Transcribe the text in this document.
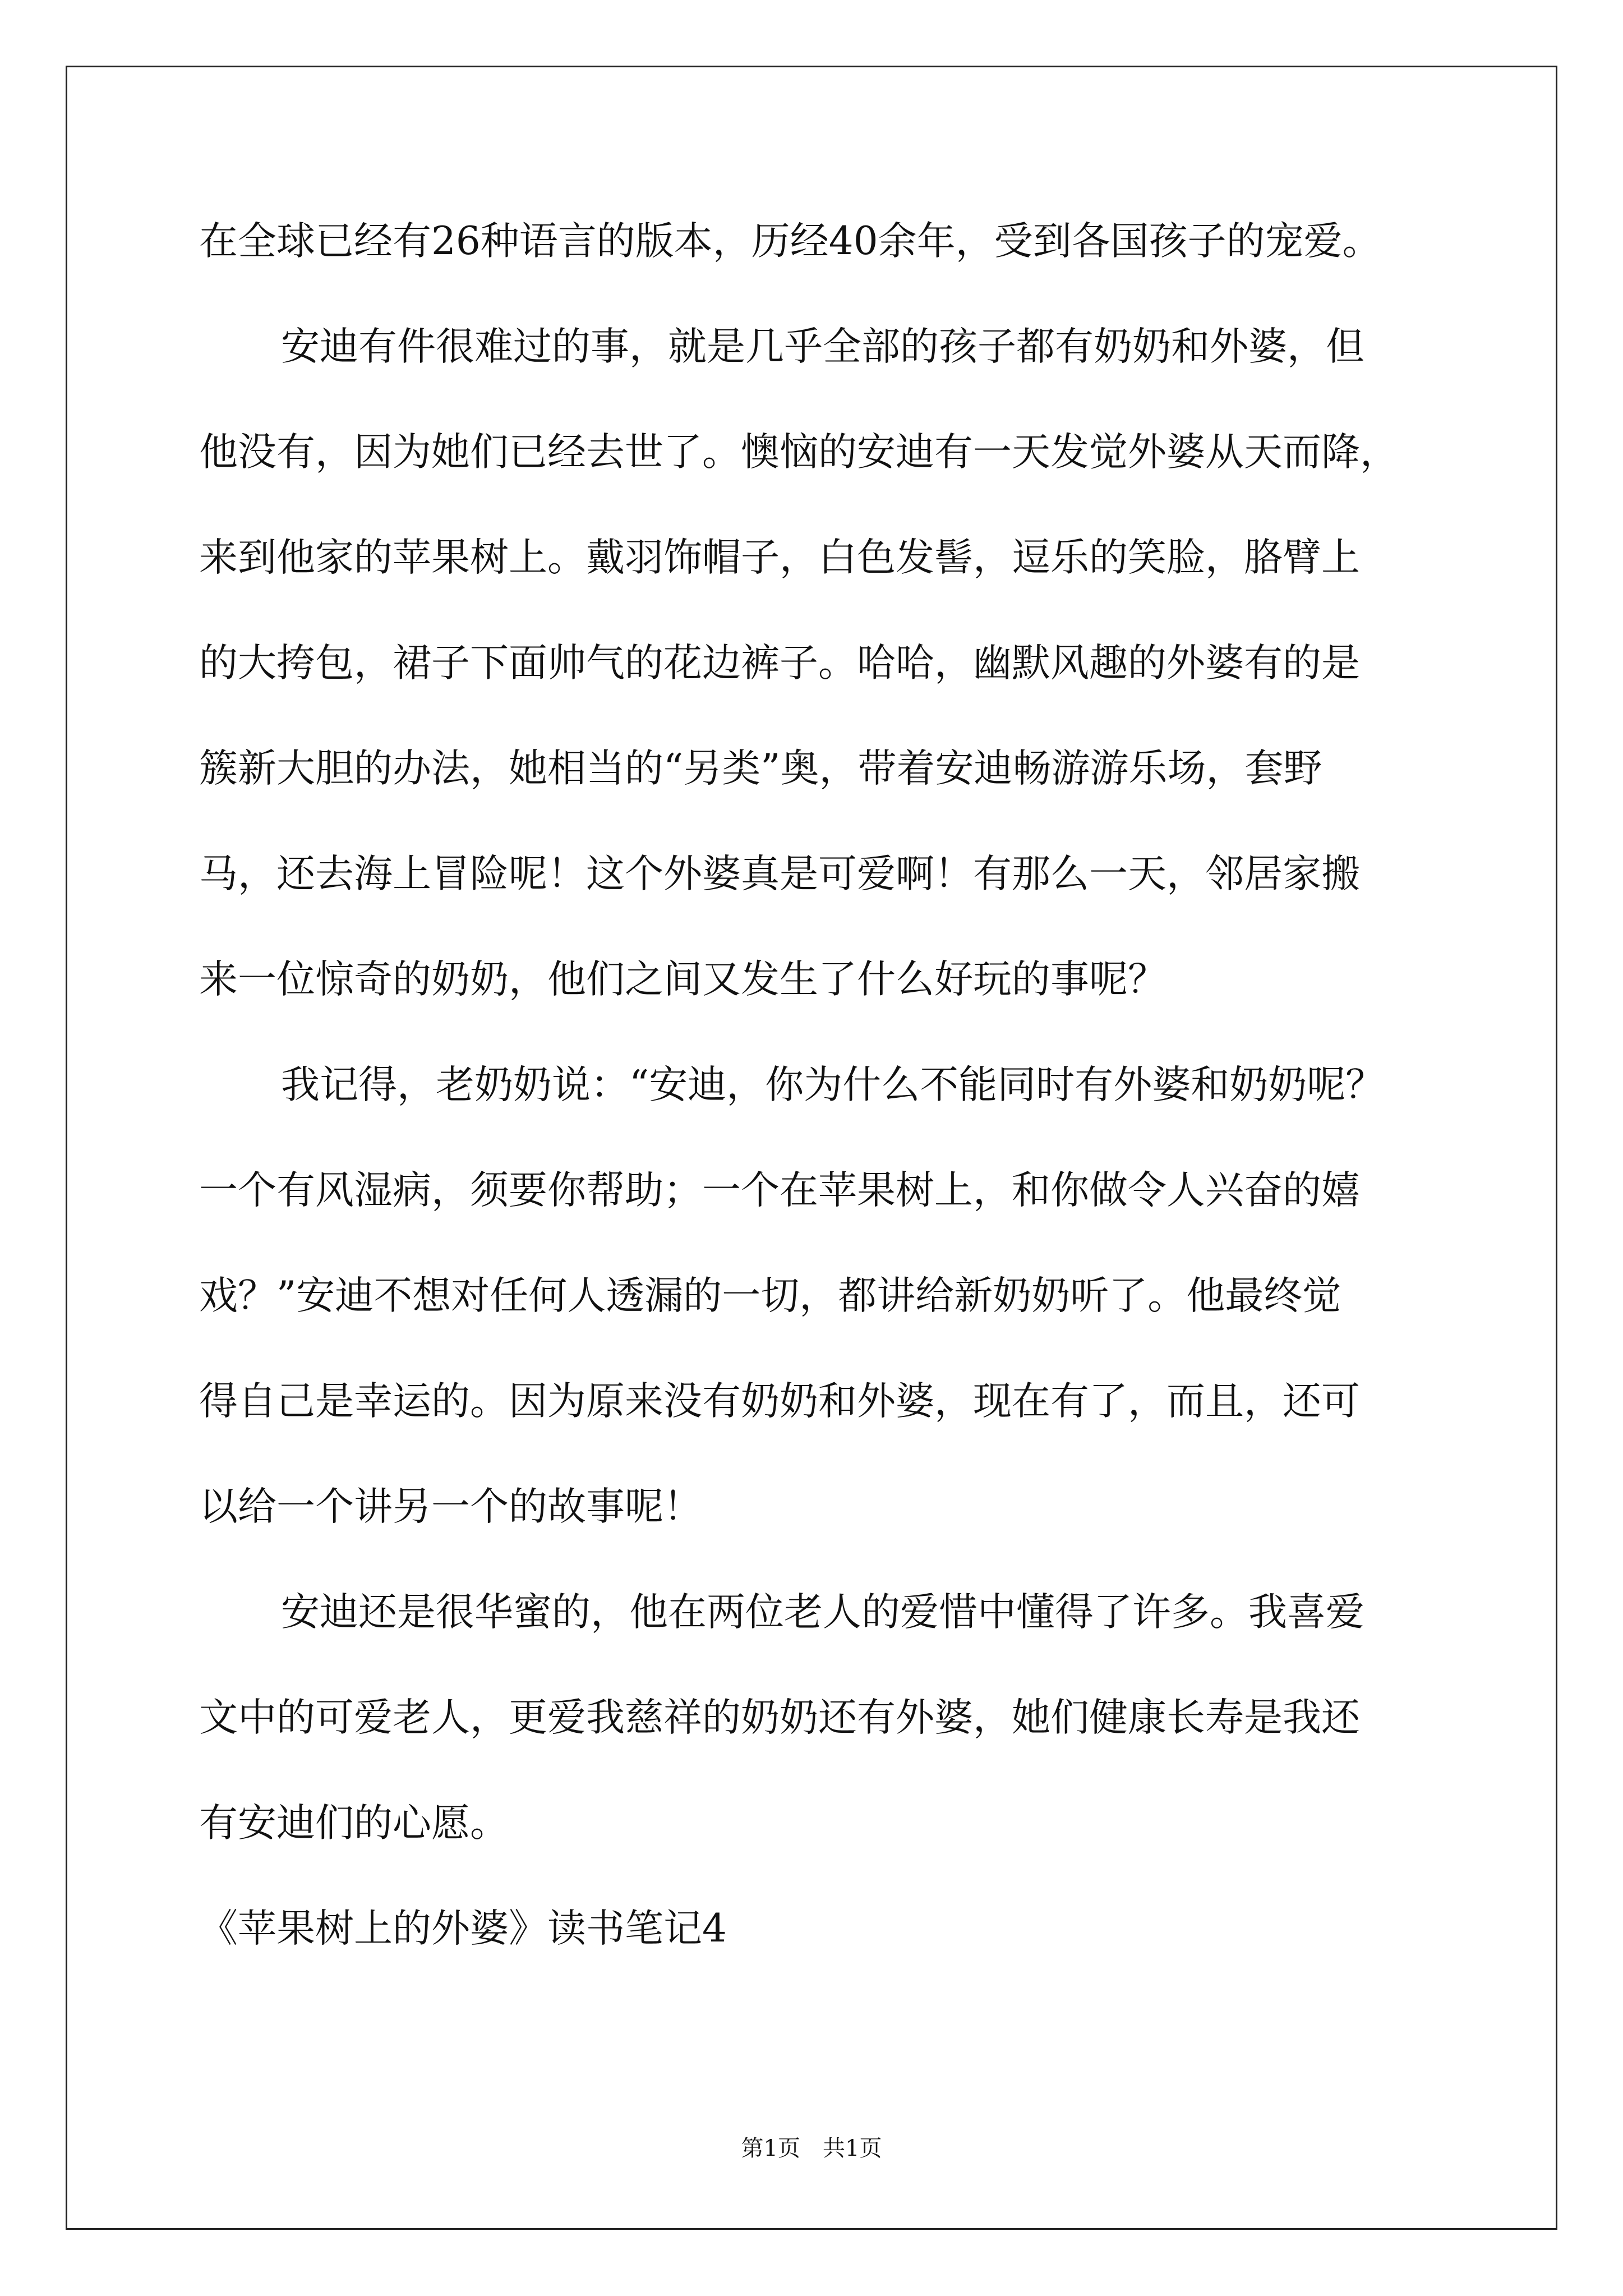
在全球已经有26种语言的版本，历经40余年，受到各国孩子的宠爱。
安迪有件很难过的事，就是几乎全部的孩子都有奶奶和外婆，但
他没有，因为她们已经去世了。懊恼的安迪有一天发觉外婆从天而降，
来到他家的苹果树上。戴羽饰帽子，白色发髻，逗乐的笑脸，胳臂上
的大挎包，裙子下面帅气的花边裤子。哈哈，幽默风趣的外婆有的是
簇新大胆的办法，她相当的“另类”奥，带着安迪畅游游乐场，套野
马，还去海上冒险呢！这个外婆真是可爱啊！有那么一天，邻居家搬
来一位惊奇的奶奶，他们之间又发生了什么好玩的事呢？
我记得，老奶奶说：“安迪，你为什么不能同时有外婆和奶奶呢？
一个有风湿病，须要你帮助；一个在苹果树上，和你做令人兴奋的嬉
戏？”安迪不想对任何人透漏的一切，都讲给新奶奶听了。他最终觉
得自己是幸运的。因为原来没有奶奶和外婆，现在有了，而且，还可
以给一个讲另一个的故事呢！
安迪还是很华蜜的，他在两位老人的爱惜中懂得了许多。我喜爱
文中的可爱老人，更爱我慈祥的奶奶还有外婆，她们健康长寿是我还
有安迪们的心愿。
《苹果树上的外婆》读书笔记4
第1页　共1页
